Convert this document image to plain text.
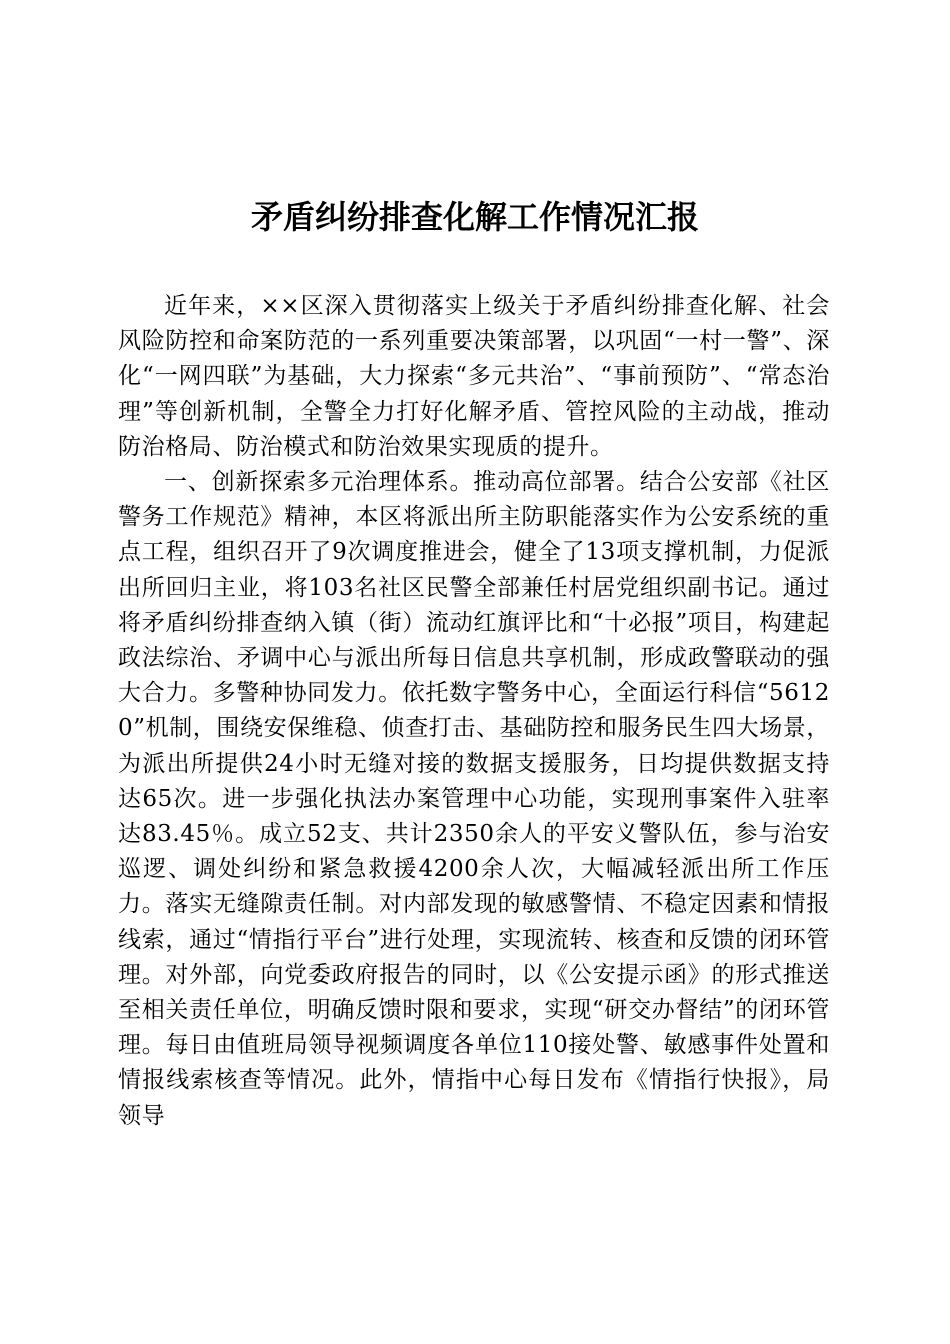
矛盾纠纷排查化解工作情况汇报

近年来，××区深入贯彻落实上级关于矛盾纠纷排查化解、社会风险防控和命案防范的一系列重要决策部署，以巩固“一村一警”、深化“一网四联”为基础，大力探索“多元共治”、“事前预防”、“常态治理”等创新机制，全警全力打好化解矛盾、管控风险的主动战，推动防治格局、防治模式和防治效果实现质的提升。

一、创新探索多元治理体系。推动高位部署。结合公安部《社区警务工作规范》精神，本区将派出所主防职能落实作为公安系统的重点工程，组织召开了9次调度推进会，健全了13项支撑机制，力促派出所回归主业，将103名社区民警全部兼任村居党组织副书记。通过将矛盾纠纷排查纳入镇（街）流动红旗评比和“十必报”项目，构建起政法综治、矛调中心与派出所每日信息共享机制，形成政警联动的强大合力。多警种协同发力。依托数字警务中心，全面运行科信“56120”机制，围绕安保维稳、侦查打击、基础防控和服务民生四大场景，为派出所提供24小时无缝对接的数据支援服务，日均提供数据支持达65次。进一步强化执法办案管理中心功能，实现刑事案件入驻率达83.45％。成立52支、共计2350余人的平安义警队伍，参与治安巡逻、调处纠纷和紧急救援4200余人次，大幅减轻派出所工作压力。落实无缝隙责任制。对内部发现的敏感警情、不稳定因素和情报线索，通过“情指行平台”进行处理，实现流转、核查和反馈的闭环管理。对外部，向党委政府报告的同时，以《公安提示函》的形式推送至相关责任单位，明确反馈时限和要求，实现“研交办督结”的闭环管理。每日由值班局领导视频调度各单位110接处警、敏感事件处置和情报线索核查等情况。此外，情指中心每日发布《情指行快报》，局领导
